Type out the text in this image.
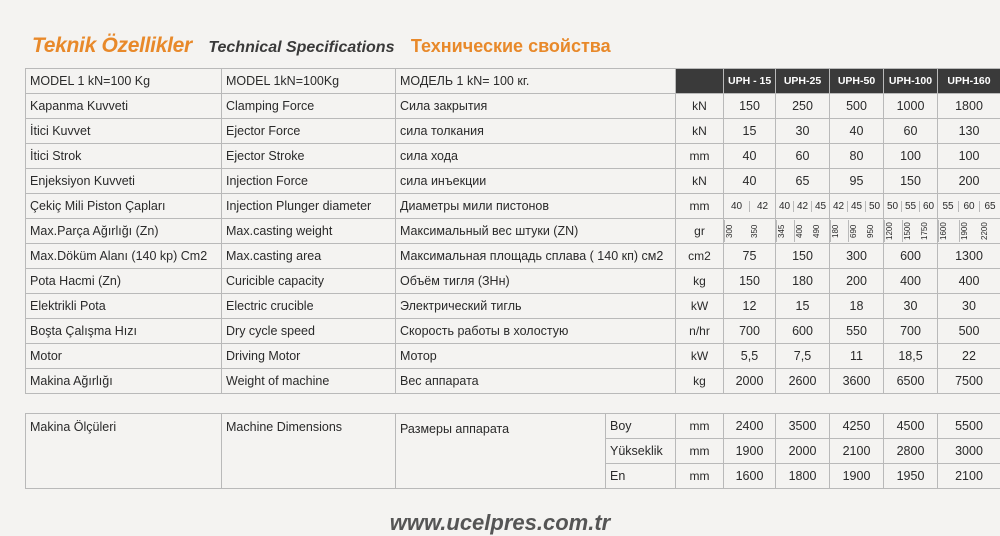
Teknik Özellikler Technical Specifications Технические свойства
MODEL 1 kN=100 Kg	MODEL 1kN=100Kg	МОДЕЛЬ 1 kN= 100 кг.		UPH - 15	UPH-25	UPH-50	UPH-100	UPH-160
Kapanma Kuvveti	Clamping Force	Сила закрытия	kN	150	250	500	1000	1800
İtici Kuvvet	Ejector Force	сила толкания	kN	15	30	40	60	130
İtici Strok	Ejector Stroke	сила хода	mm	40	60	80	100	100
Enjeksiyon Kuvveti	Injection Force	сила инъекции	kN	40	65	95	150	200
Çekiç Mili Piston Çapları	Injection Plunger diameter	Диаметры мили пистонов	mm	40 42	40 42 45	42 45 50	50 55 60	55 60 65

Max.Parça Ağırlığı (Zn)	Max.casting weight	Максимальный вес штуки (ZN)	gr	300 350	345 400 490	180 690 950	1200 1500 1750	1600 1900 2200

Max.Döküm Alanı (140 kp) Cm2	Max.casting area	Максимальная площадь сплава ( 140 кп) см2	cm2	75	150	300	600	1300
Pota Hacmi (Zn)	Curicible capacity	Объём тигля (ЗНн)	kg	150	180	200	400	400
Elektrikli Pota	Electric crucible	Электрический тигль	kW	12	15	18	30	30
Boşta Çalışma Hızı	Dry cycle speed	Скорость работы в холостую	n/hr	700	600	550	700	500
Motor	Driving Motor	Мотор	kW	5,5	7,5	11	18,5	22
Makina Ağırlığı	Weight of machine	Вес аппарата	kg	2000	2600	3600	6500	7500
Makina Ölçüleri	Machine Dimensions	Размеры аппарата	Boy	mm	2400	3500	4250	4500	5500
			Yükseklik	mm	1900	2000	2100	2800	3000
			En	mm	1600	1800	1900	1950	2100
www.ucelpres.com.tr
